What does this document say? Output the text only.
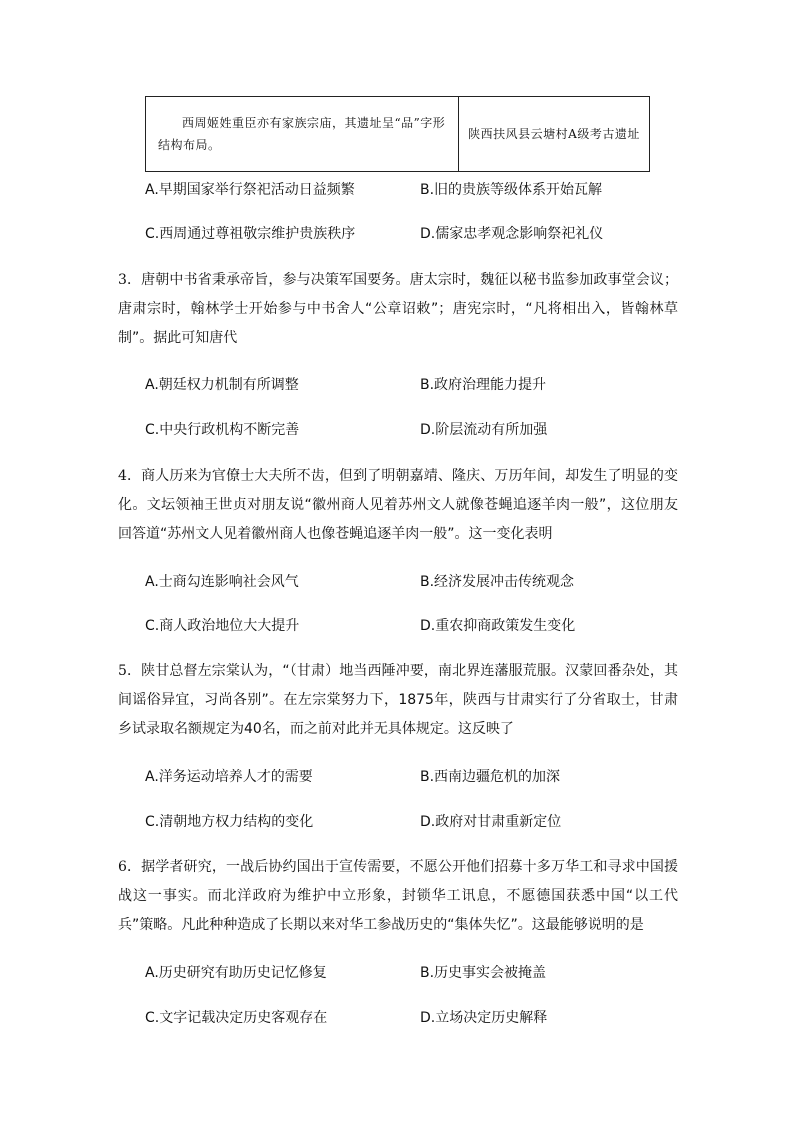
西周姬姓重臣亦有家族宗庙，其遗址呈“品”字形结构布局。	陕西扶风县云塘村A级考古遗址
A.早期国家举行祭祀活动日益频繁	B.旧的贵族等级体系开始瓦解
C.西周通过尊祖敬宗维护贵族秩序	D.儒家忠孝观念影响祭祀礼仪
3．唐朝中书省秉承帝旨，参与决策军国要务。唐太宗时，魏征以秘书监参加政事堂会议；唐肃宗时，翰林学士开始参与中书舍人“公章诏敕”；唐宪宗时，“凡将相出入，皆翰林草制”。据此可知唐代
A.朝廷权力机制有所调整	B.政府治理能力提升
C.中央行政机构不断完善	D.阶层流动有所加强
4．商人历来为官僚士大夫所不齿，但到了明朝嘉靖、隆庆、万历年间，却发生了明显的变化。文坛领袖王世贞对朋友说“徽州商人见着苏州文人就像苍蝇追逐羊肉一般”，这位朋友回答道“苏州文人见着徽州商人也像苍蝇追逐羊肉一般”。这一变化表明
A.士商勾连影响社会风气	B.经济发展冲击传统观念
C.商人政治地位大大提升	D.重农抑商政策发生变化
5．陕甘总督左宗棠认为，“（甘肃）地当西陲冲要，南北界连藩服荒服。汉蒙回番杂处，其间谣俗异宜，习尚各别”。在左宗棠努力下，1875年，陕西与甘肃实行了分省取士，甘肃乡试录取名额规定为40名，而之前对此并无具体规定。这反映了
A.洋务运动培养人才的需要	B.西南边疆危机的加深
C.清朝地方权力结构的变化	D.政府对甘肃重新定位
6．据学者研究，一战后协约国出于宣传需要，不愿公开他们招募十多万华工和寻求中国援战这一事实。而北洋政府为维护中立形象，封锁华工讯息，不愿德国获悉中国“以工代兵”策略。凡此种种造成了长期以来对华工参战历史的“集体失忆”。这最能够说明的是
A.历史研究有助历史记忆修复	B.历史事实会被掩盖
C.文字记载决定历史客观存在	D.立场决定历史解释
